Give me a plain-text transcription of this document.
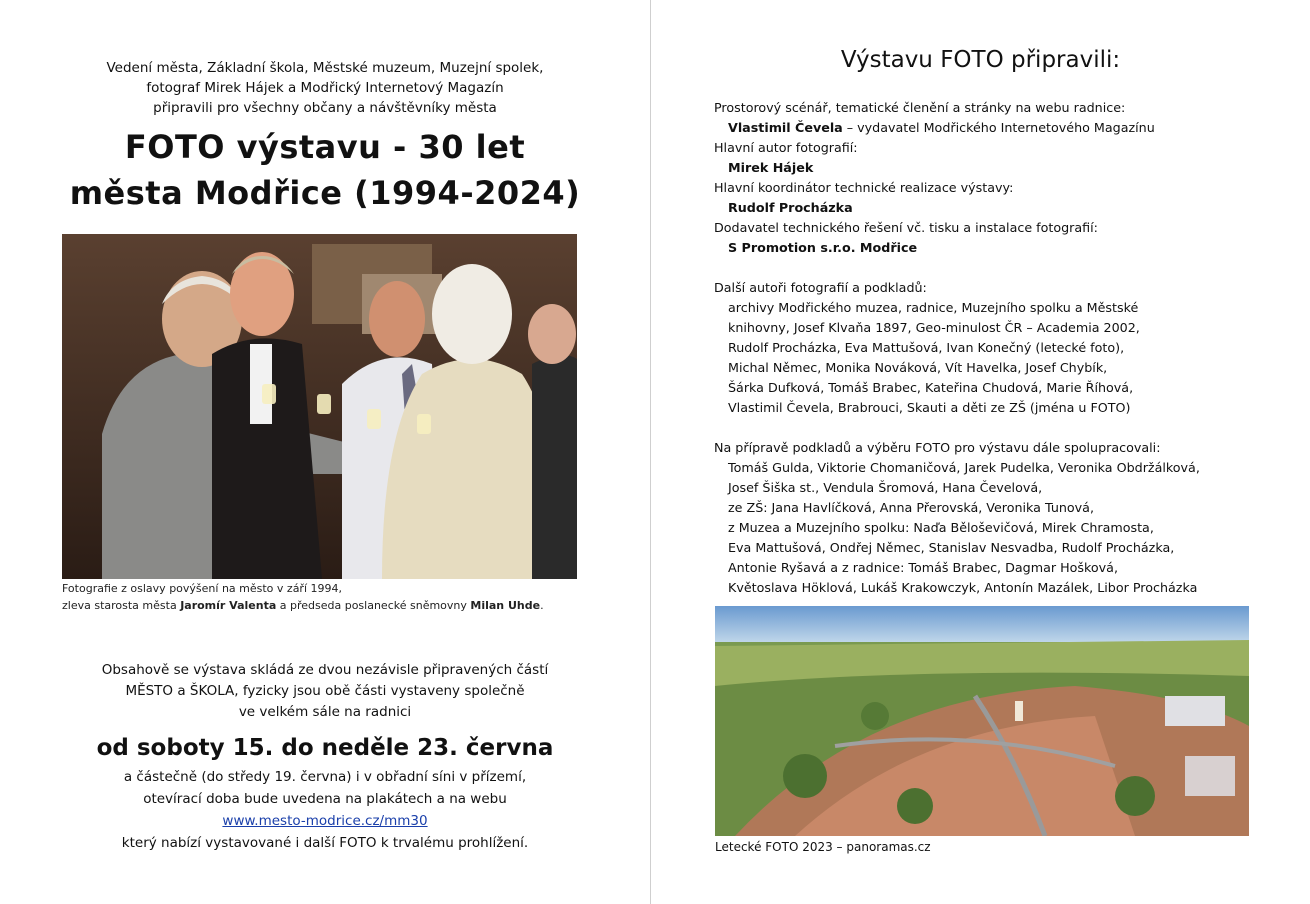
Vedení města, Základní škola, Městské muzeum, Muzejní spolek,
fotograf Mirek Hájek a Modřický Internetový Magazín
připravili pro všechny občany a návštěvníky města
FOTO výstavu - 30 let
města Modřice (1994-2024)
Fotografie z oslavy povýšení na město v září 1994,
zleva starosta města Jaromír Valenta a předseda poslanecké sněmovny Milan Uhde.
Obsahově se výstava skládá ze dvou nezávisle připravených částí
MĚSTO a ŠKOLA, fyzicky jsou obě části vystaveny společně
ve velkém sále na radnici
od soboty 15. do neděle 23. června
a částečně (do středy 19. června) i v obřadní síni v přízemí,
otevírací doba bude uvedena na plakátech a na webu
www.mesto-modrice.cz/mm30
který nabízí vystavované i další FOTO k trvalému prohlížení.
Výstavu FOTO připravili:
Prostorový scénář, tematické členění a stránky na webu radnice:
Vlastimil Čevela – vydavatel Modřického Internetového Magazínu
Hlavní autor fotografií:
Mirek Hájek
Hlavní koordinátor technické realizace výstavy:
Rudolf Procházka
Dodavatel technického řešení vč. tisku a instalace fotografií:
S Promotion s.r.o. Modřice
Další autoři fotografií a podkladů:
archivy Modřického muzea, radnice, Muzejního spolku a Městské
knihovny, Josef Klvaňa 1897, Geo-minulost ČR – Academia 2002,
Rudolf Procházka, Eva Mattušová, Ivan Konečný (letecké foto),
Michal Němec, Monika Nováková, Vít Havelka, Josef Chybík,
Šárka Dufková, Tomáš Brabec, Kateřina Chudová, Marie Říhová,
Vlastimil Čevela, Brabrouci, Skauti a děti ze ZŠ (jména u FOTO)
Na přípravě podkladů a výběru FOTO pro výstavu dále spolupracovali:
Tomáš Gulda, Viktorie Chomaničová, Jarek Pudelka, Veronika Obdržálková,
Josef Šiška st., Vendula Šromová, Hana Čevelová,
ze ZŠ: Jana Havlíčková, Anna Přerovská, Veronika Tunová,
z Muzea a Muzejního spolku: Naďa Běloševičová, Mirek Chramosta,
Eva Mattušová, Ondřej Němec, Stanislav Nesvadba, Rudolf Procházka,
Antonie Ryšavá a z radnice: Tomáš Brabec, Dagmar Hošková,
Květoslava Höklová, Lukáš Krakowczyk, Antonín Mazálek, Libor Procházka
Letecké FOTO 2023 – panoramas.cz
